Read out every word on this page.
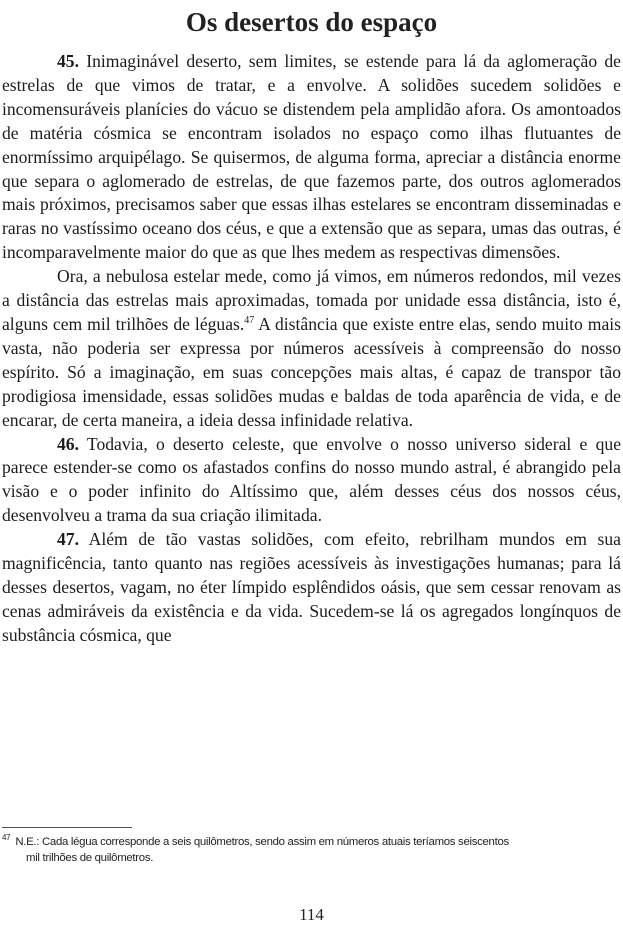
Os desertos do espaço

45. Inimaginável deserto, sem limites, se estende para lá da aglomeração de estrelas de que vimos de tratar, e a envolve. A solidões sucedem solidões e incomensuráveis planícies do vácuo se distendem pela amplidão afora. Os amontoados de matéria cósmica se encontram isolados no espaço como ilhas flutuantes de enormíssimo arquipélago. Se quisermos, de alguma forma, apreciar a distância enorme que separa o aglomerado de estrelas, de que fazemos parte, dos outros aglomerados mais próximos, precisamos saber que essas ilhas estelares se encontram disseminadas e raras no vastíssimo oceano dos céus, e que a extensão que as separa, umas das outras, é incomparavelmente maior do que as que lhes medem as respectivas dimensões.

Ora, a nebulosa estelar mede, como já vimos, em números redondos, mil vezes a distância das estrelas mais aproximadas, tomada por unidade essa distância, isto é, alguns cem mil trilhões de léguas.$^{47}$ A distância que existe entre elas, sendo muito mais vasta, não poderia ser expressa por números acessíveis à compreensão do nosso espírito. Só a imaginação, em suas concepções mais altas, é capaz de transpor tão prodigiosa imensidade, essas solidões mudas e baldas de toda aparência de vida, e de encarar, de certa maneira, a ideia dessa infinidade relativa.

46. Todavia, o deserto celeste, que envolve o nosso universo sideral e que parece estender-se como os afastados confins do nosso mundo astral, é abrangido pela visão e o poder infinito do Altíssimo que, além desses céus dos nossos céus, desenvolveu a trama da sua criação ilimitada.

47. Além de tão vastas solidões, com efeito, rebrilham mundos em sua magnificência, tanto quanto nas regiões acessíveis às investigações humanas; para lá desses desertos, vagam, no éter límpido esplêndidos oásis, que sem cessar renovam as cenas admiráveis da existência e da vida. Sucedem-se lá os agregados longínquos de substância cósmica, que

$^{47}$ N.E.: Cada légua corresponde a seis quilômetros, sendo assim em números atuais teríamos seiscentos
mil trilhões de quilômetros.
114
